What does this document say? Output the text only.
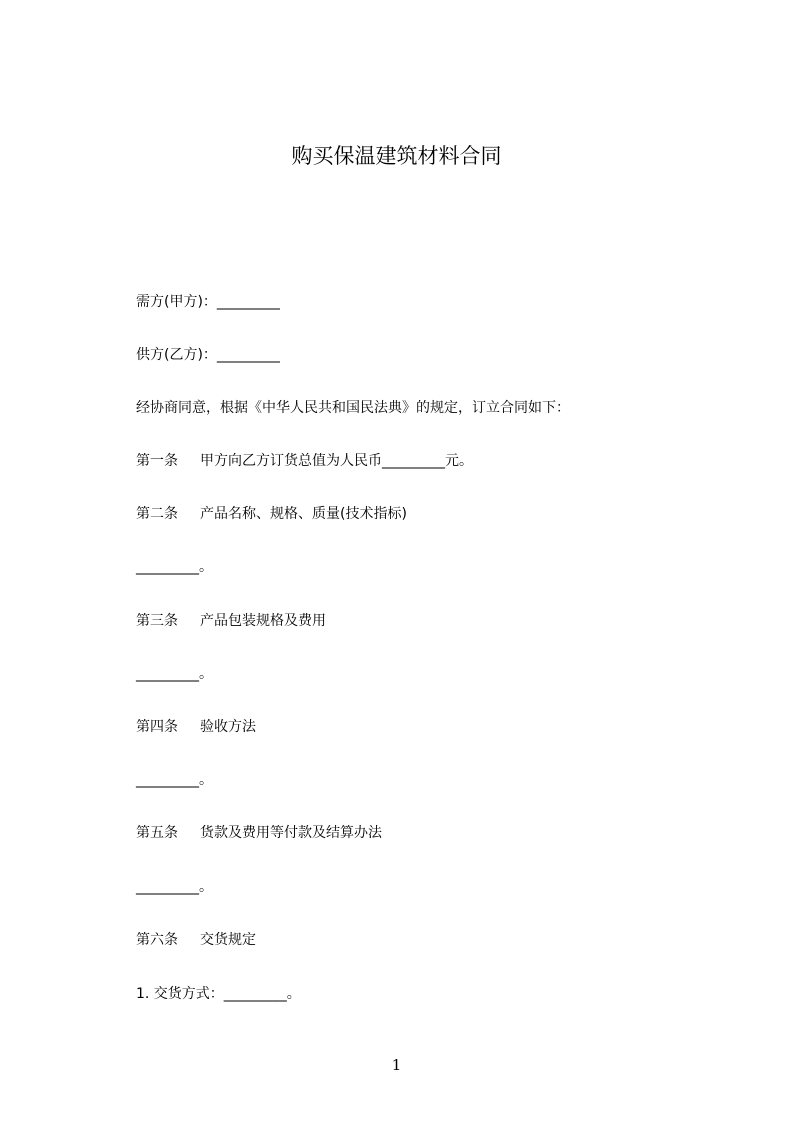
购买保温建筑材料合同
需方(甲方)：_________
供方(乙方)：_________
经协商同意，根据《中华人民共和国民法典》的规定，订立合同如下：
第一条 甲方向乙方订货总值为人民币_________元。
第二条 产品名称、规格、质量(技术指标)
_________。
第三条 产品包装规格及费用
_________。
第四条 验收方法
_________。
第五条 货款及费用等付款及结算办法
_________。
第六条 交货规定
1. 交货方式：_________。
1
